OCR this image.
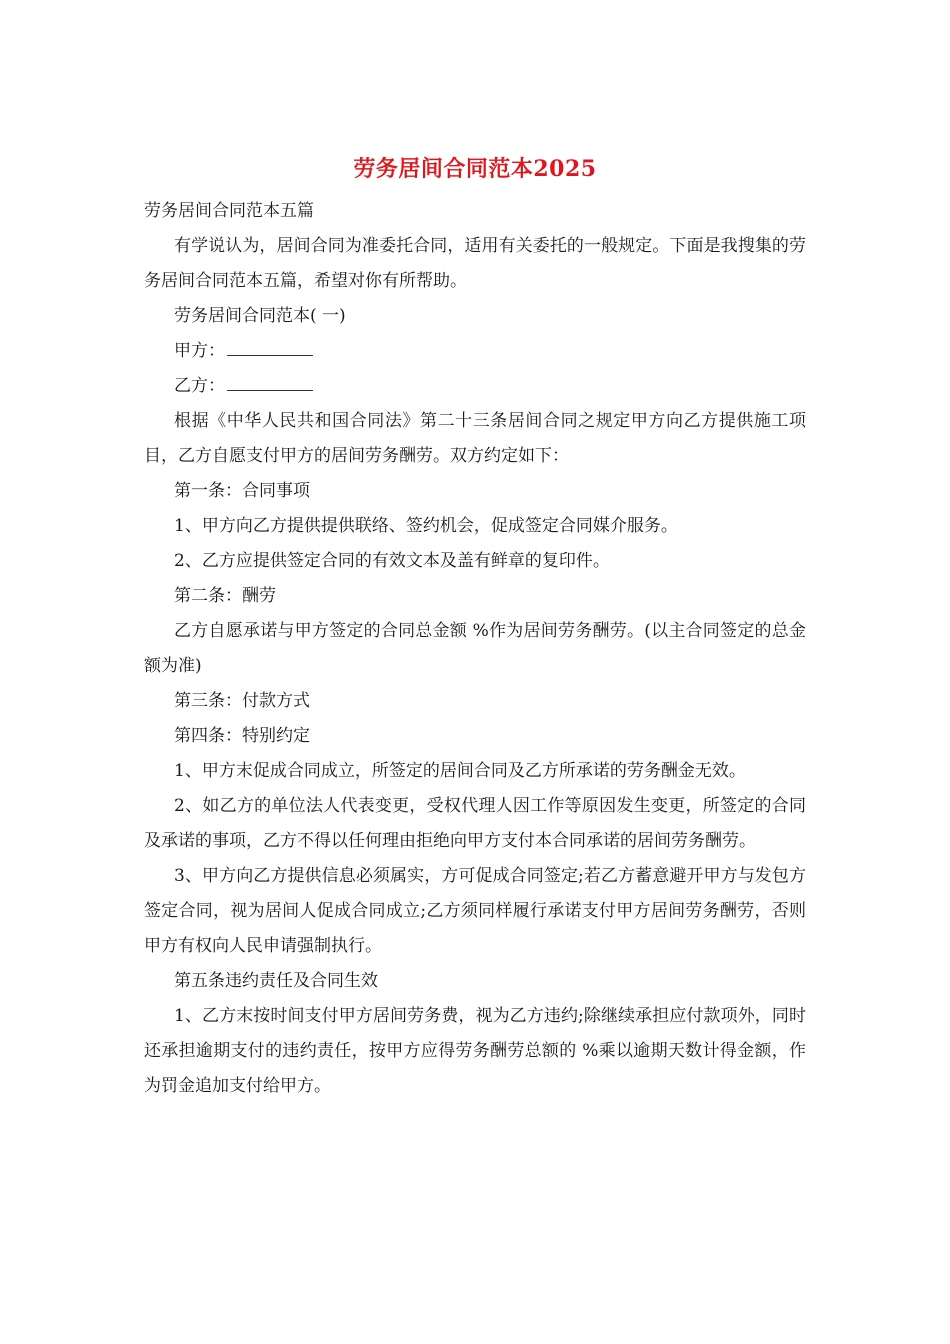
劳务居间合同范本2025

劳务居间合同范本五篇

有学说认为，居间合同为准委托合同，适用有关委托的一般规定。下面是我搜集的劳务居间合同范本五篇，希望对你有所帮助。

劳务居间合同范本( 一)

甲方：

乙方：

根据《中华人民共和国合同法》第二十三条居间合同之规定甲方向乙方提供施工项目，乙方自愿支付甲方的居间劳务酬劳。双方约定如下：

第一条：合同事项

1、甲方向乙方提供提供联络、签约机会，促成签定合同媒介服务。

2、乙方应提供签定合同的有效文本及盖有鲜章的复印件。

第二条：酬劳

乙方自愿承诺与甲方签定的合同总金额 %作为居间劳务酬劳。(以主合同签定的总金额为准)

第三条：付款方式

第四条：特别约定

1、甲方末促成合同成立，所签定的居间合同及乙方所承诺的劳务酬金无效。

2、如乙方的单位法人代表变更，受权代理人因工作等原因发生变更，所签定的合同及承诺的事项，乙方不得以任何理由拒绝向甲方支付本合同承诺的居间劳务酬劳。

3、甲方向乙方提供信息必须属实，方可促成合同签定;若乙方蓄意避开甲方与发包方签定合同，视为居间人促成合同成立;乙方须同样履行承诺支付甲方居间劳务酬劳，否则甲方有权向人民申请强制执行。

第五条违约责任及合同生效

1、乙方末按时间支付甲方居间劳务费，视为乙方违约;除继续承担应付款项外，同时还承担逾期支付的违约责任，按甲方应得劳务酬劳总额的 %乘以逾期天数计得金额，作为罚金追加支付给甲方。
